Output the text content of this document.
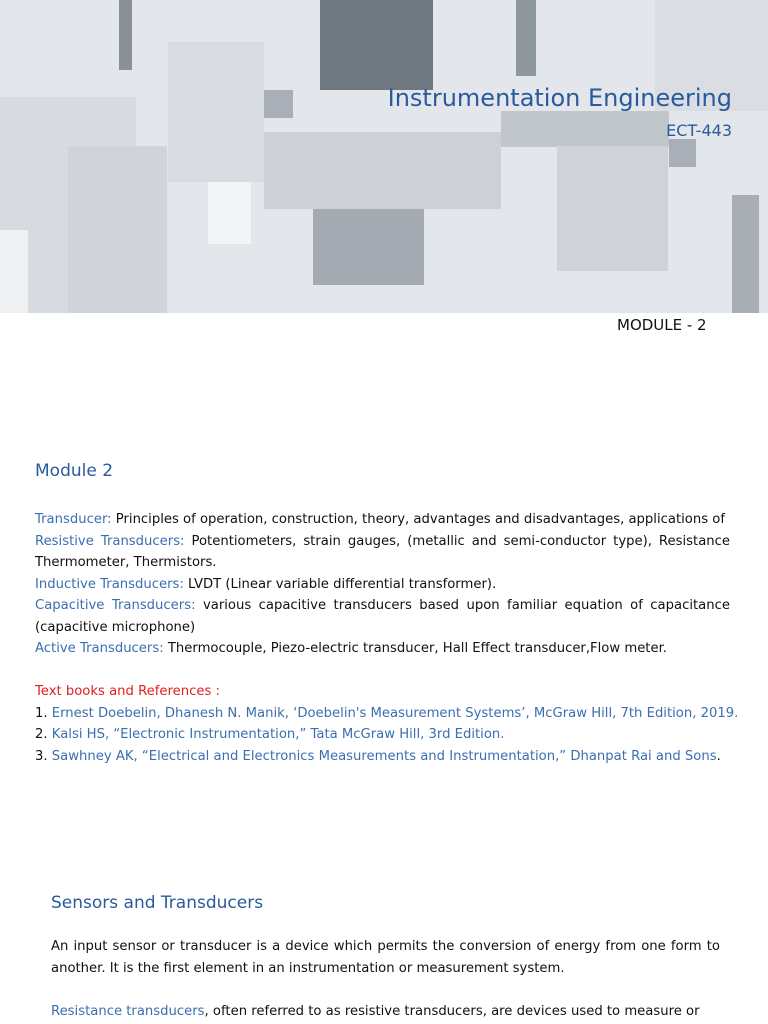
Instrumentation Engineering
ECT-443
MODULE - 2
Module 2

Transducer: Principles of operation, construction, theory, advantages and disadvantages, applications of

Resistive Transducers: Potentiometers, strain gauges, (metallic and semi-conductor type), Resistance Thermometer, Thermistors.

Inductive Transducers: LVDT (Linear variable differential transformer).

Capacitive Transducers: various capacitive transducers based upon familiar equation of capacitance (capacitive microphone)

Active Transducers: Thermocouple, Piezo-electric transducer, Hall Effect transducer,Flow meter.

Text books and References :

1. Ernest Doebelin, Dhanesh N. Manik, ‘Doebelin's Measurement Systems’, McGraw Hill, 7th Edition, 2019.

2. Kalsi HS, “Electronic Instrumentation,” Tata McGraw Hill, 3rd Edition.

3. Sawhney AK, “Electrical and Electronics Measurements and Instrumentation,” Dhanpat Rai and Sons.

Sensors and Transducers

An input sensor or transducer is a device which permits the conversion of energy from one form to another. It is the first element in an instrumentation or measurement system.

Resistance transducers, often referred to as resistive transducers, are devices used to measure or
